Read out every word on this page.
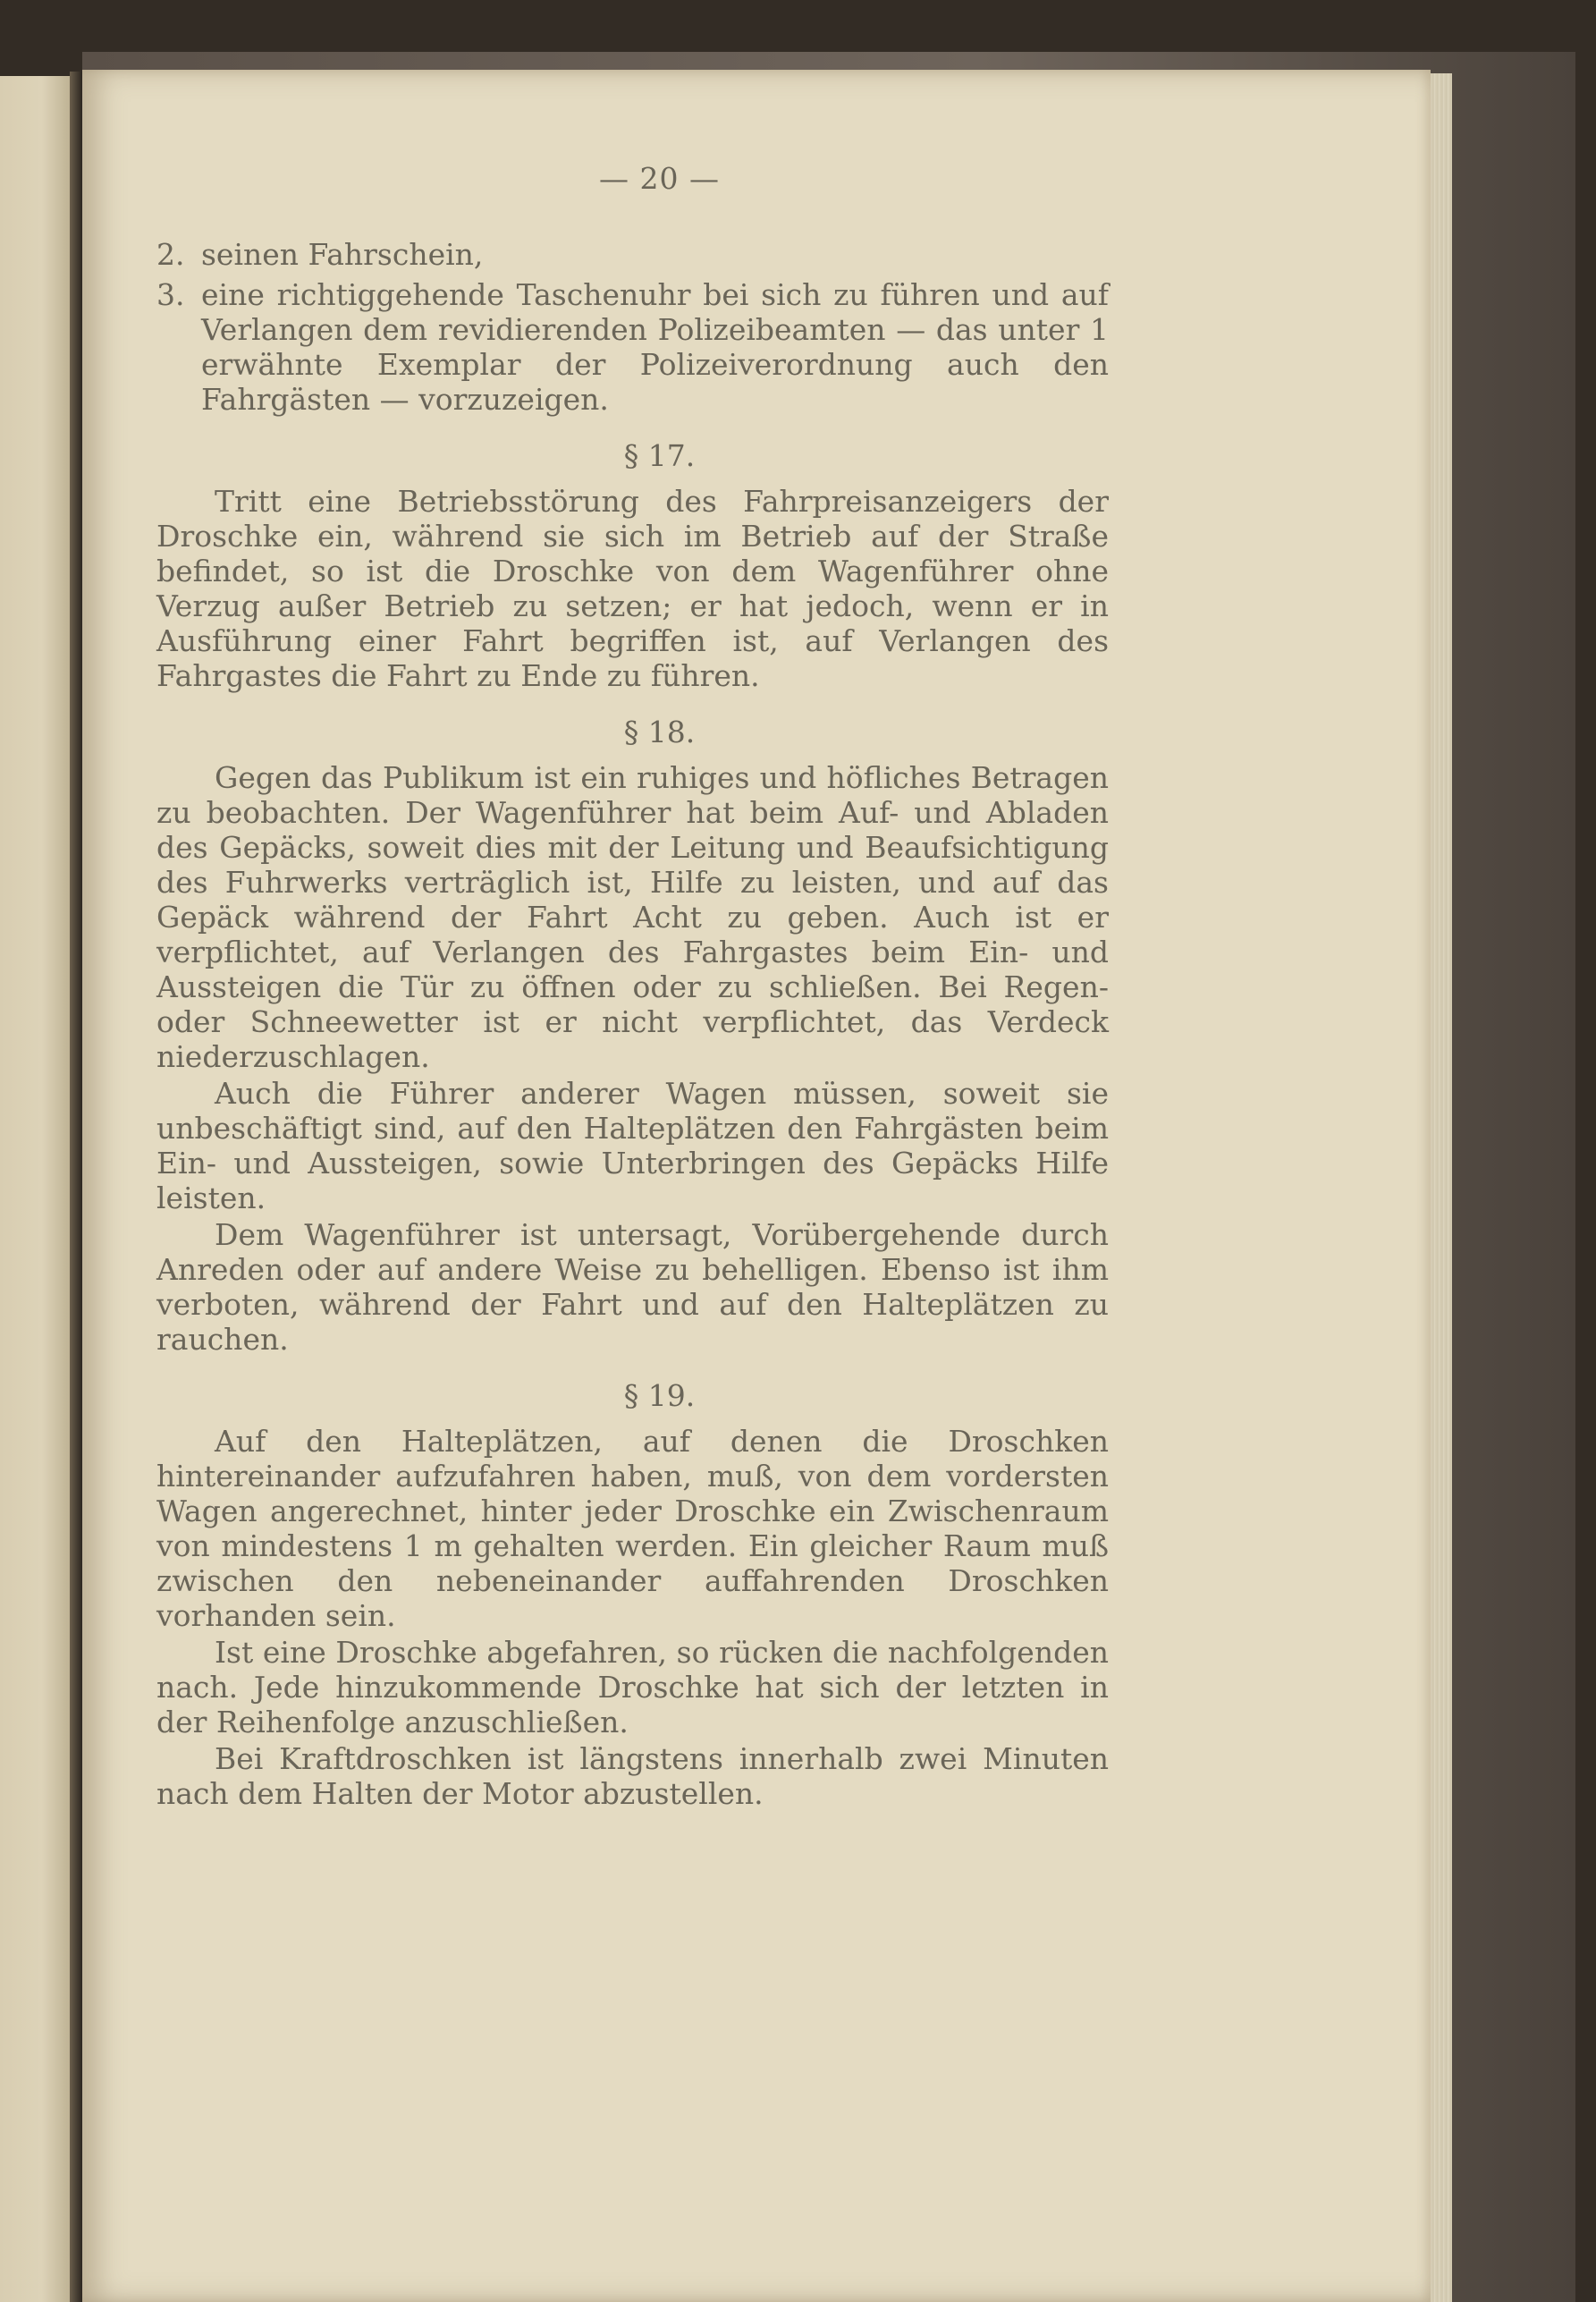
— 20 —
2. seinen Fahrschein,
3. eine richtiggehende Taschenuhr bei sich zu führen und auf Verlangen dem revidierenden Polizeibeamten — das unter 1 erwähnte Exemplar der Polizeiverordnung auch den Fahrgästen — vorzuzeigen.
§ 17.

Tritt eine Betriebsstörung des Fahrpreisanzeigers der Droschke ein, während sie sich im Betrieb auf der Straße befindet, so ist die Droschke von dem Wagenführer ohne Verzug außer Betrieb zu setzen; er hat jedoch, wenn er in Ausführung einer Fahrt begriffen ist, auf Verlangen des Fahrgastes die Fahrt zu Ende zu führen.

§ 18.

Gegen das Publikum ist ein ruhiges und höfliches Betragen zu beobachten. Der Wagenführer hat beim Auf- und Abladen des Gepäcks, soweit dies mit der Leitung und Beaufsichtigung des Fuhrwerks verträglich ist, Hilfe zu leisten, und auf das Gepäck während der Fahrt Acht zu geben. Auch ist er verpflichtet, auf Verlangen des Fahrgastes beim Ein- und Aussteigen die Tür zu öffnen oder zu schließen. Bei Regen- oder Schneewetter ist er nicht verpflichtet, das Verdeck niederzuschlagen.

Auch die Führer anderer Wagen müssen, soweit sie unbeschäftigt sind, auf den Halteplätzen den Fahrgästen beim Ein- und Aussteigen, sowie Unterbringen des Gepäcks Hilfe leisten.

Dem Wagenführer ist untersagt, Vorübergehende durch Anreden oder auf andere Weise zu behelligen. Ebenso ist ihm verboten, während der Fahrt und auf den Halteplätzen zu rauchen.

§ 19.

Auf den Halteplätzen, auf denen die Droschken hintereinander aufzufahren haben, muß, von dem vordersten Wagen angerechnet, hinter jeder Droschke ein Zwischenraum von mindestens 1 m gehalten werden. Ein gleicher Raum muß zwischen den nebeneinander auffahrenden Droschken vorhanden sein.

Ist eine Droschke abgefahren, so rücken die nachfolgenden nach. Jede hinzukommende Droschke hat sich der letzten in der Reihenfolge anzuschließen.

Bei Kraftdroschken ist längstens innerhalb zwei Minuten nach dem Halten der Motor abzustellen.
